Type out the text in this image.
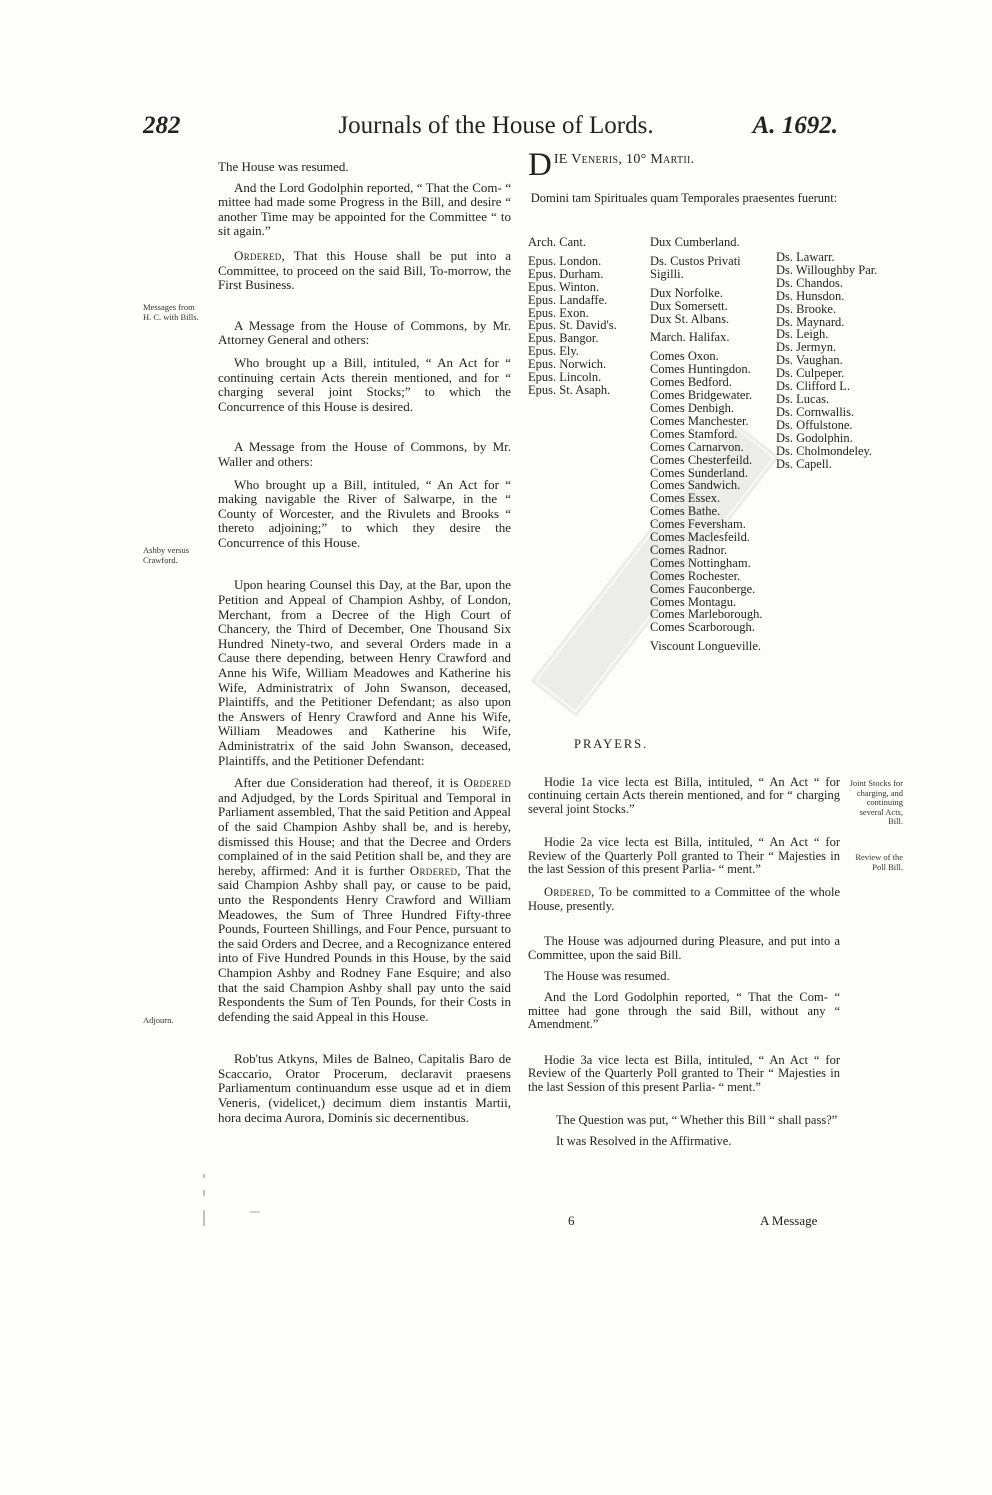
282	Journals of the House of Lords.	A. 1692.
Messages from H. C. with Bills.
Ashby versus Crawford.
Adjourn.

The House was resumed.

And the Lord Godolphin reported, “ That the Com- “ mittee had made some Progress in the Bill, and desire “ another Time may be appointed for the Committee “ to sit again.”

Ordered, That this House shall be put into a Committee, to proceed on the said Bill, To-morrow, the First Business.

A Message from the House of Commons, by Mr. Attorney General and others:

Who brought up a Bill, intituled, “ An Act for “ continuing certain Acts therein mentioned, and for “ charging several joint Stocks;” to which the Concurrence of this House is desired.

A Message from the House of Commons, by Mr. Waller and others:

Who brought up a Bill, intituled, “ An Act for “ making navigable the River of Salwarpe, in the “ County of Worcester, and the Rivulets and Brooks “ thereto adjoining;” to which they desire the Concurrence of this House.

Upon hearing Counsel this Day, at the Bar, upon the Petition and Appeal of Champion Ashby, of London, Merchant, from a Decree of the High Court of Chancery, the Third of December, One Thousand Six Hundred Ninety-two, and several Orders made in a Cause there depending, between Henry Crawford and Anne his Wife, William Meadowes and Katherine his Wife, Administratrix of John Swanson, deceased, Plaintiffs, and the Petitioner Defendant; as also upon the Answers of Henry Crawford and Anne his Wife, William Meadowes and Katherine his Wife, Administratrix of the said John Swanson, deceased, Plaintiffs, and the Petitioner Defendant:

After due Consideration had thereof, it is Ordered and Adjudged, by the Lords Spiritual and Temporal in Parliament assembled, That the said Petition and Appeal of the said Champion Ashby shall be, and is hereby, dismissed this House; and that the Decree and Orders complained of in the said Petition shall be, and they are hereby, affirmed: And it is further Ordered, That the said Champion Ashby shall pay, or cause to be paid, unto the Respondents Henry Crawford and William Meadowes, the Sum of Three Hundred Fifty-three Pounds, Fourteen Shillings, and Four Pence, pursuant to the said Orders and Decree, and a Recognizance entered into of Five Hundred Pounds in this House, by the said Champion Ashby and Rodney Fane Esquire; and also that the said Champion Ashby shall pay unto the said Respondents the Sum of Ten Pounds, for their Costs in defending the said Appeal in this House.

Rob'tus Atkyns, Miles de Balneo, Capitalis Baro de Scaccario, Orator Procerum, declaravit praesens Parliamentum continuandum esse usque ad et in diem Veneris, (videlicet,) decimum diem instantis Martii, hora decima Aurora, Dominis sic decernentibus.

DIE Veneris, 10° Martii.

Domini tam Spirituales quam Temporales praesentes fuerunt:

Arch. Cant.
Epus. London.
Epus. Durham.
Epus. Winton.
Epus. Landaffe.
Epus. Exon.
Epus. St. David's.
Epus. Bangor.
Epus. Ely.
Epus. Norwich.
Epus. Lincoln.
Epus. St. Asaph.
Dux Cumberland.
Ds. Custos Privati
Sigilli.
Dux Norfolke.
Dux Somersett.
Dux St. Albans.
March. Halifax.
Comes Oxon.
Comes Huntingdon.
Comes Bedford.
Comes Bridgewater.
Comes Denbigh.
Comes Manchester.
Comes Stamford.
Comes Carnarvon.
Comes Chesterfeild.
Comes Sunderland.
Comes Sandwich.
Comes Essex.
Comes Bathe.
Comes Feversham.
Comes Maclesfeild.
Comes Radnor.
Comes Nottingham.
Comes Rochester.
Comes Fauconberge.
Comes Montagu.
Comes Marleborough.
Comes Scarborough.
Viscount Longueville.
Ds. Lawarr.
Ds. Willoughby Par.
Ds. Chandos.
Ds. Hunsdon.
Ds. Brooke.
Ds. Maynard.
Ds. Leigh.
Ds. Jermyn.
Ds. Vaughan.
Ds. Culpeper.
Ds. Clifford L.
Ds. Lucas.
Ds. Cornwallis.
Ds. Offulstone.
Ds. Godolphin.
Ds. Cholmondeley.
Ds. Capell.
PRAYERS.
Joint Stocks for charging, and continuing several Acts, Bill.
Review of the Poll Bill.

Hodie 1a vice lecta est Billa, intituled, “ An Act “ for continuing certain Acts therein mentioned, and for “ charging several joint Stocks.”

Hodie 2a vice lecta est Billa, intituled, “ An Act “ for Review of the Quarterly Poll granted to Their “ Majesties in the last Session of this present Parlia- “ ment.”

Ordered, To be committed to a Committee of the whole House, presently.

The House was adjourned during Pleasure, and put into a Committee, upon the said Bill.

The House was resumed.

And the Lord Godolphin reported, “ That the Com- “ mittee had gone through the said Bill, without any “ Amendment.”

Hodie 3a vice lecta est Billa, intituled, “ An Act “ for Review of the Quarterly Poll granted to Their “ Majesties in the last Session of this present Parlia- “ ment.”

The Question was put, “ Whether this Bill “ shall pass?”

It was Resolved in the Affirmative.

6	A Message
